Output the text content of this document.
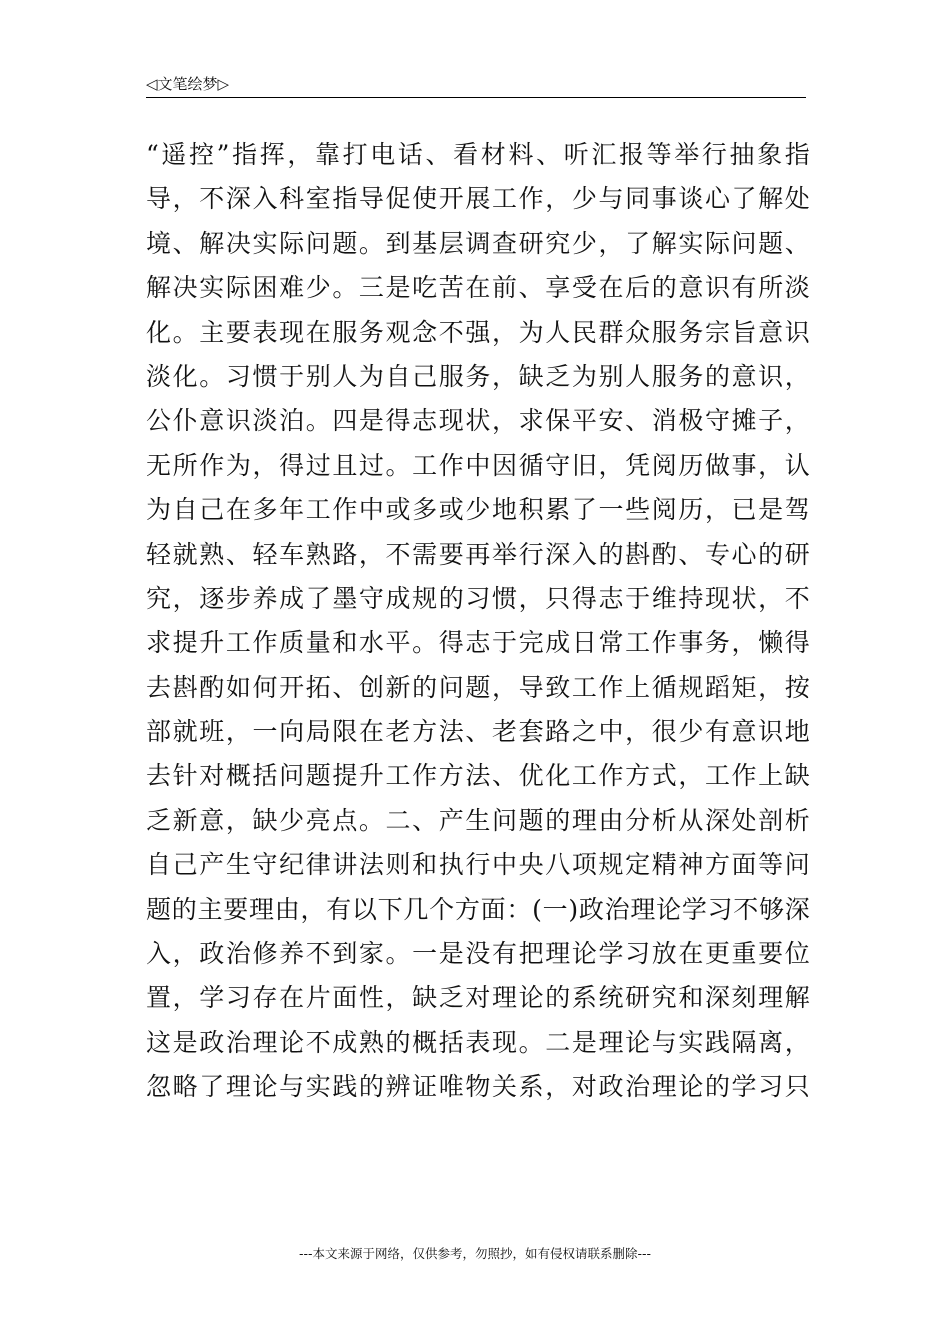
◁文笔绘梦▷
“遥控”指挥，靠打电话、看材料、听汇报等举行抽象指
导，不深入科室指导促使开展工作，少与同事谈心了解处
境、解决实际问题。到基层调查研究少，了解实际问题、
解决实际困难少。三是吃苦在前、享受在后的意识有所淡
化。主要表现在服务观念不强，为人民群众服务宗旨意识
淡化。习惯于别人为自己服务，缺乏为别人服务的意识，
公仆意识淡泊。四是得志现状，求保平安、消极守摊子，
无所作为，得过且过。工作中因循守旧，凭阅历做事，认
为自己在多年工作中或多或少地积累了一些阅历，已是驾
轻就熟、轻车熟路，不需要再举行深入的斟酌、专心的研
究，逐步养成了墨守成规的习惯，只得志于维持现状，不
求提升工作质量和水平。得志于完成日常工作事务，懒得
去斟酌如何开拓、创新的问题，导致工作上循规蹈矩，按
部就班，一向局限在老方法、老套路之中，很少有意识地
去针对概括问题提升工作方法、优化工作方式，工作上缺
乏新意，缺少亮点。二、产生问题的理由分析从深处剖析
自己产生守纪律讲法则和执行中央八项规定精神方面等问
题的主要理由，有以下几个方面：(一)政治理论学习不够深
入，政治修养不到家。一是没有把理论学习放在更重要位
置，学习存在片面性，缺乏对理论的系统研究和深刻理解
这是政治理论不成熟的概括表现。二是理论与实践隔离，
忽略了理论与实践的辨证唯物关系，对政治理论的学习只
---本文来源于网络，仅供参考，勿照抄，如有侵权请联系删除---
